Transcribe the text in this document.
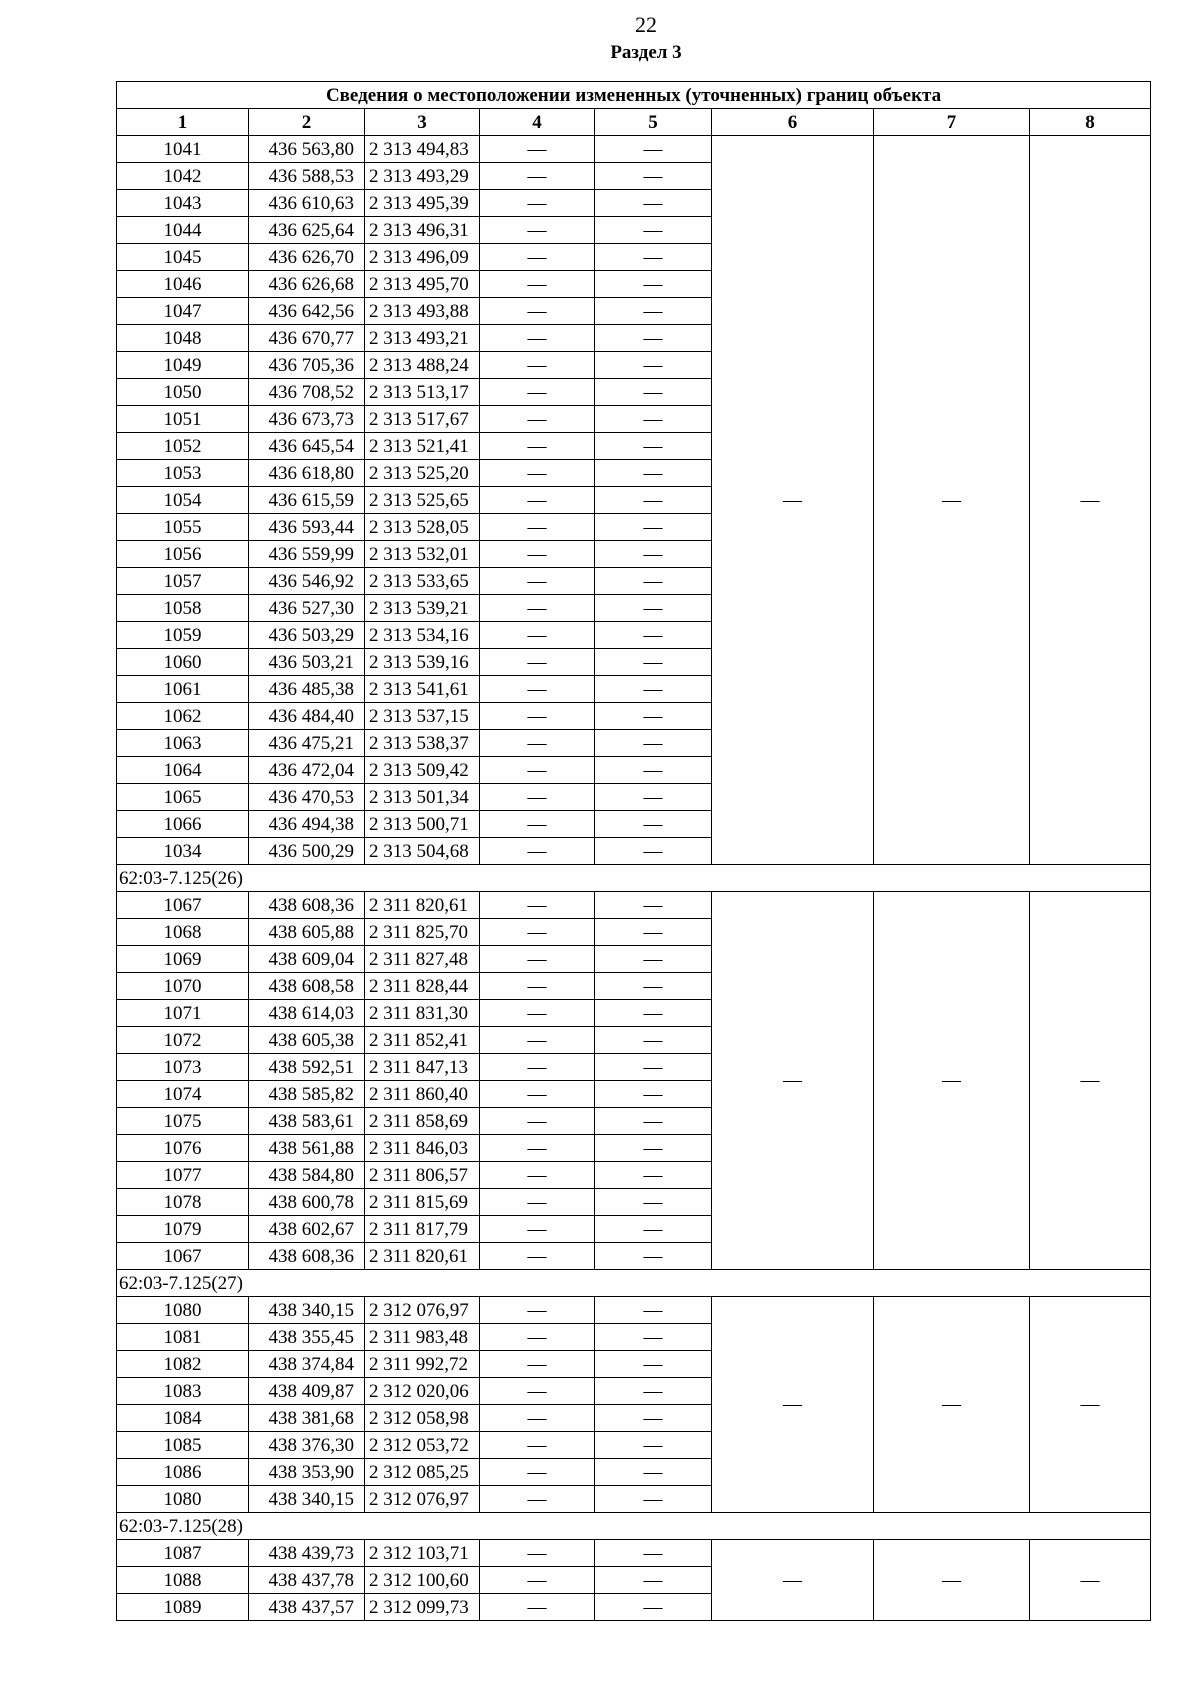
22
Раздел 3
Сведения о местоположении измененных (уточненных) границ объекта							
1	2	3	4	5	6	7	8
1041	436 563,80	2 313 494,83	—	—	—	—	—
1042	436 588,53	2 313 493,29	—	—			
1043	436 610,63	2 313 495,39	—	—			
1044	436 625,64	2 313 496,31	—	—			
1045	436 626,70	2 313 496,09	—	—			
1046	436 626,68	2 313 495,70	—	—			
1047	436 642,56	2 313 493,88	—	—			
1048	436 670,77	2 313 493,21	—	—			
1049	436 705,36	2 313 488,24	—	—			
1050	436 708,52	2 313 513,17	—	—			
1051	436 673,73	2 313 517,67	—	—			
1052	436 645,54	2 313 521,41	—	—			
1053	436 618,80	2 313 525,20	—	—			
1054	436 615,59	2 313 525,65	—	—			
1055	436 593,44	2 313 528,05	—	—			
1056	436 559,99	2 313 532,01	—	—			
1057	436 546,92	2 313 533,65	—	—			
1058	436 527,30	2 313 539,21	—	—			
1059	436 503,29	2 313 534,16	—	—			
1060	436 503,21	2 313 539,16	—	—			
1061	436 485,38	2 313 541,61	—	—			
1062	436 484,40	2 313 537,15	—	—			
1063	436 475,21	2 313 538,37	—	—			
1064	436 472,04	2 313 509,42	—	—			
1065	436 470,53	2 313 501,34	—	—			
1066	436 494,38	2 313 500,71	—	—			
1034	436 500,29	2 313 504,68	—	—			
62:03-7.125(26)							
1067	438 608,36	2 311 820,61	—	—	—	—	—
1068	438 605,88	2 311 825,70	—	—			
1069	438 609,04	2 311 827,48	—	—			
1070	438 608,58	2 311 828,44	—	—			
1071	438 614,03	2 311 831,30	—	—			
1072	438 605,38	2 311 852,41	—	—			
1073	438 592,51	2 311 847,13	—	—			
1074	438 585,82	2 311 860,40	—	—			
1075	438 583,61	2 311 858,69	—	—			
1076	438 561,88	2 311 846,03	—	—			
1077	438 584,80	2 311 806,57	—	—			
1078	438 600,78	2 311 815,69	—	—			
1079	438 602,67	2 311 817,79	—	—			
1067	438 608,36	2 311 820,61	—	—			
62:03-7.125(27)							
1080	438 340,15	2 312 076,97	—	—	—	—	—
1081	438 355,45	2 311 983,48	—	—			
1082	438 374,84	2 311 992,72	—	—			
1083	438 409,87	2 312 020,06	—	—			
1084	438 381,68	2 312 058,98	—	—			
1085	438 376,30	2 312 053,72	—	—			
1086	438 353,90	2 312 085,25	—	—			
1080	438 340,15	2 312 076,97	—	—			
62:03-7.125(28)							
1087	438 439,73	2 312 103,71	—	—	—	—	—
1088	438 437,78	2 312 100,60	—	—			
1089	438 437,57	2 312 099,73	—	—			
